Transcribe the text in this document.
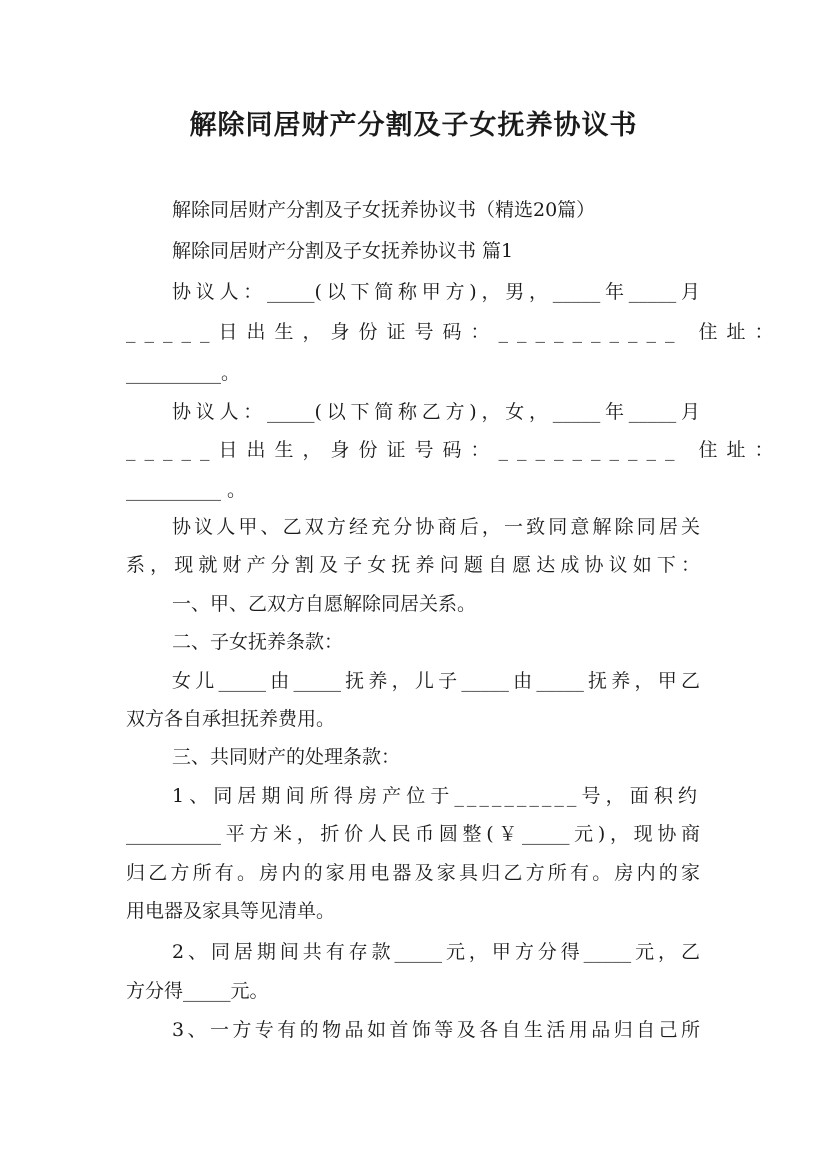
解除同居财产分割及子女抚养协议书
解除同居财产分割及子女抚养协议书（精选20篇）
解除同居财产分割及子女抚养协议书 篇1
协议人：_____(以下简称甲方)，男，_____年_____月
_____日出生，身份证号码：__________ 住址：
__________。
协议人：_____(以下简称乙方)，女，_____年_____月
_____日出生，身份证号码：__________ 住址：
__________ 。
协议人甲、乙双方经充分协商后，一致同意解除同居关
系，现就财产分割及子女抚养问题自愿达成协议如下：
一、甲、乙双方自愿解除同居关系。
二、子女抚养条款：
女儿_____由_____抚养，儿子_____由_____抚养，甲乙
双方各自承担抚养费用。
三、共同财产的处理条款：
1、同居期间所得房产位于__________号，面积约
__________平方米，折价人民币圆整(￥_____元)，现协商
归乙方所有。房内的家用电器及家具归乙方所有。房内的家
用电器及家具等见清单。
2、同居期间共有存款_____元，甲方分得_____元，乙
方分得_____元。
3、一方专有的物品如首饰等及各自生活用品归自己所
